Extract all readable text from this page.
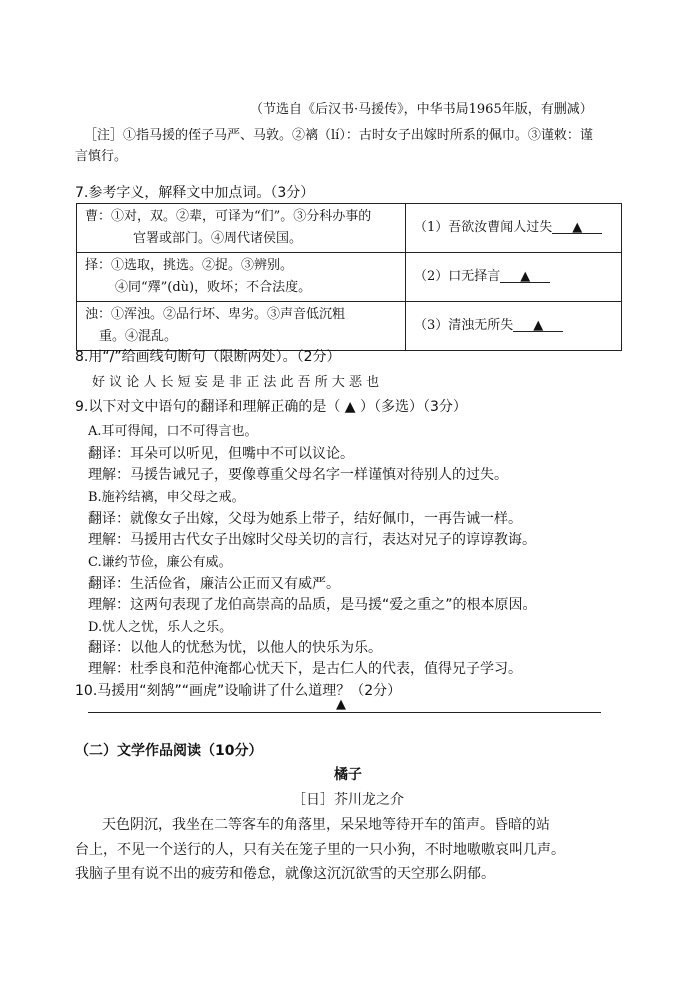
（节选自《后汉书·马援传》，中华书局1965年版，有删减）
［注］①指马援的侄子马严、马敦。②褵（lí）：古时女子出嫁时所系的佩巾。③谨敕：谨
言慎行。
7.参考字义，解释文中加点词。（3分）
曹：①对，双。②辈，可译为“们”。③分科办事的
官署或部门。④周代诸侯国。	（1）吾欲汝曹闻人过失 ▲

择：①选取，挑选。②捉。③辨别。
④同“殬”(dù)，败坏；不合法度。	（2）口无择言 ▲

浊：①浑浊。②品行坏、卑劣。③声音低沉粗
重。④混乱。	（3）清浊无所失 ▲
8.用“/”给画线句断句（限断两处）。（2分）
好 议 论 人 长 短 妄 是 非 正 法 此 吾 所 大 恶 也
9.以下对文中语句的翻译和理解正确的是（ ▲ ）（多选）（3分）
A.耳可得闻，口不可得言也。
翻译：耳朵可以听见，但嘴中不可以议论。
理解：马援告诫兄子，要像尊重父母名字一样谨慎对待别人的过失。
B.施衿结褵，申父母之戒。
翻译：就像女子出嫁，父母为她系上带子，结好佩巾，一再告诫一样。
理解：马援用古代女子出嫁时父母关切的言行，表达对兄子的谆谆教诲。
C.谦约节俭，廉公有威。
翻译：生活俭省，廉洁公正而又有威严。
理解：这两句表现了龙伯高崇高的品质，是马援“爱之重之”的根本原因。
D.忧人之忧，乐人之乐。
翻译：以他人的忧愁为忧，以他人的快乐为乐。
理解：杜季良和范仲淹都心忧天下，是古仁人的代表，值得兄子学习。
10.马援用“刻鹄”“画虎”设喻讲了什么道理？（2分）
▲
（二）文学作品阅读（10分）
橘子
［日］芥川龙之介
天色阴沉，我坐在二等客车的角落里，呆呆地等待开车的笛声。昏暗的站
台上，不见一个送行的人，只有关在笼子里的一只小狗，不时地嗷嗷哀叫几声。
我脑子里有说不出的疲劳和倦怠，就像这沉沉欲雪的天空那么阴郁。
